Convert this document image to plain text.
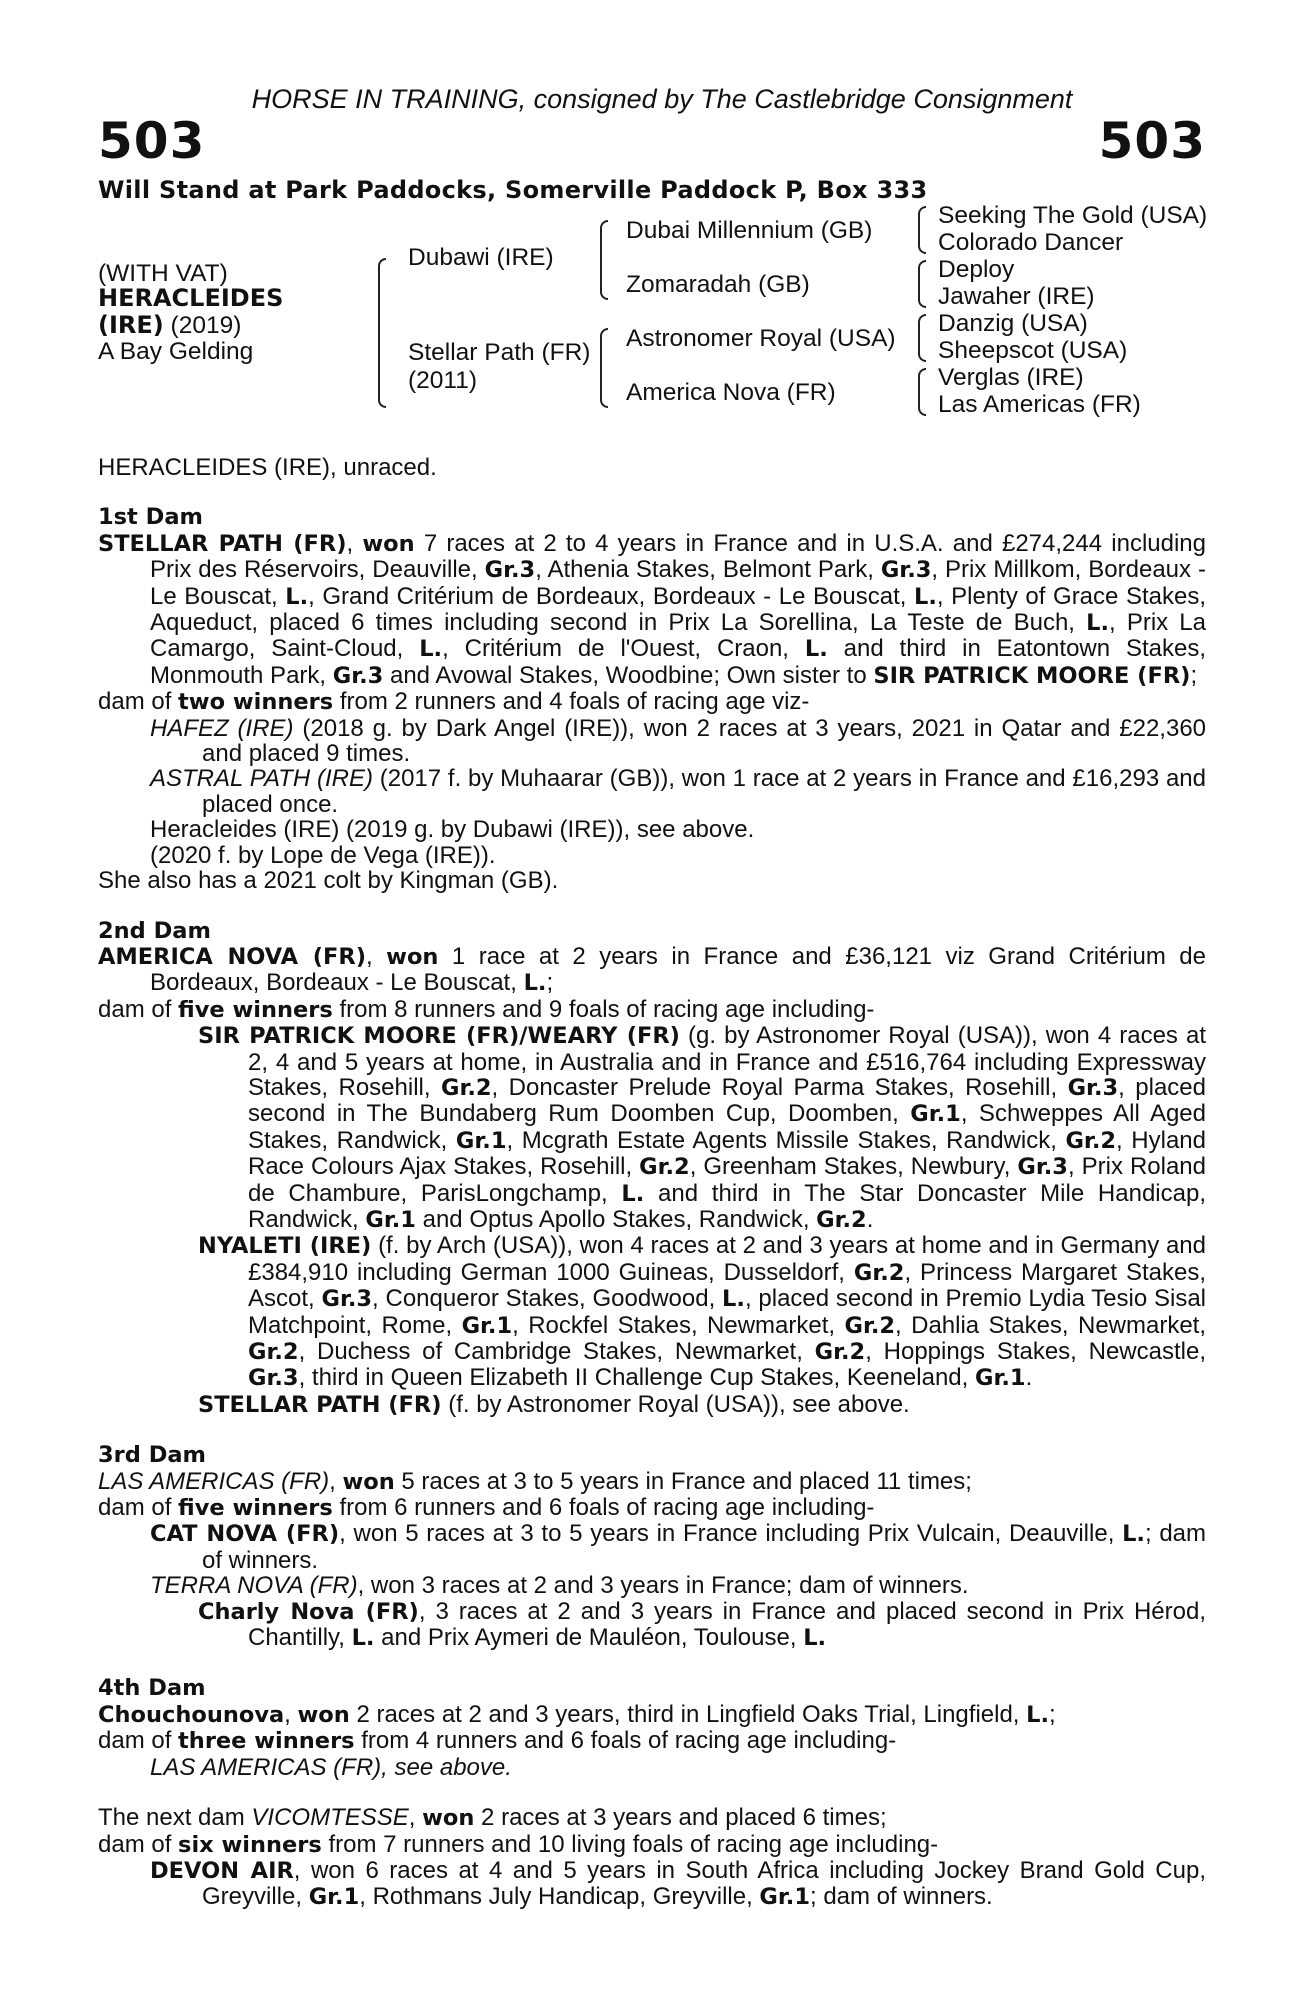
HORSE IN TRAINING, consigned by The Castlebridge Consignment
503	503
Will Stand at Park Paddocks, Somerville Paddock P, Box 333
(WITH VAT)
HERACLEIDES
(IRE) (2019)
A Bay Gelding
Dubawi (IRE)
Stellar Path (FR)
(2011)
Dubai Millennium (GB)
Zomaradah (GB)
Astronomer Royal (USA)
America Nova (FR)
Seeking The Gold (USA)
Colorado Dancer
Deploy
Jawaher (IRE)
Danzig (USA)
Sheepscot (USA)
Verglas (IRE)
Las Americas (FR)

HERACLEIDES (IRE), unraced.

1st Dam

STELLAR PATH (FR), won 7 races at 2 to 4 years in France and in U.S.A. and £274,244 including Prix des Réservoirs, Deauville, Gr.3, Athenia Stakes, Belmont Park, Gr.3, Prix Millkom, Bordeaux - Le Bouscat, L., Grand Critérium de Bordeaux, Bordeaux - Le Bouscat, L., Plenty of Grace Stakes, Aqueduct, placed 6 times including second in Prix La Sorellina, La Teste de Buch, L., Prix La Camargo, Saint-Cloud, L., Critérium de l'Ouest, Craon, L. and third in Eatontown Stakes, Monmouth Park, Gr.3 and Avowal Stakes, Woodbine; Own sister to SIR PATRICK MOORE (FR);

dam of two winners from 2 runners and 4 foals of racing age viz-

HAFEZ (IRE) (2018 g. by Dark Angel (IRE)), won 2 races at 3 years, 2021 in Qatar and £22,360 and placed 9 times.

ASTRAL PATH (IRE) (2017 f. by Muhaarar (GB)), won 1 race at 2 years in France and £16,293 and placed once.

Heracleides (IRE) (2019 g. by Dubawi (IRE)), see above.

(2020 f. by Lope de Vega (IRE)).

She also has a 2021 colt by Kingman (GB).

2nd Dam

AMERICA NOVA (FR), won 1 race at 2 years in France and £36,121 viz Grand Critérium de Bordeaux, Bordeaux - Le Bouscat, L.;

dam of five winners from 8 runners and 9 foals of racing age including-

SIR PATRICK MOORE (FR)/WEARY (FR) (g. by Astronomer Royal (USA)), won 4 races at 2, 4 and 5 years at home, in Australia and in France and £516,764 including Expressway Stakes, Rosehill, Gr.2, Doncaster Prelude Royal Parma Stakes, Rosehill, Gr.3, placed second in The Bundaberg Rum Doomben Cup, Doomben, Gr.1, Schweppes All Aged Stakes, Randwick, Gr.1, Mcgrath Estate Agents Missile Stakes, Randwick, Gr.2, Hyland Race Colours Ajax Stakes, Rosehill, Gr.2, Greenham Stakes, Newbury, Gr.3, Prix Roland de Chambure, ParisLongchamp, L. and third in The Star Doncaster Mile Handicap, Randwick, Gr.1 and Optus Apollo Stakes, Randwick, Gr.2.

NYALETI (IRE) (f. by Arch (USA)), won 4 races at 2 and 3 years at home and in Germany and £384,910 including German 1000 Guineas, Dusseldorf, Gr.2, Princess Margaret Stakes, Ascot, Gr.3, Conqueror Stakes, Goodwood, L., placed second in Premio Lydia Tesio Sisal Matchpoint, Rome, Gr.1, Rockfel Stakes, Newmarket, Gr.2, Dahlia Stakes, Newmarket, Gr.2, Duchess of Cambridge Stakes, Newmarket, Gr.2, Hoppings Stakes, Newcastle, Gr.3, third in Queen Elizabeth II Challenge Cup Stakes, Keeneland, Gr.1.

STELLAR PATH (FR) (f. by Astronomer Royal (USA)), see above.

3rd Dam

LAS AMERICAS (FR), won 5 races at 3 to 5 years in France and placed 11 times;

dam of five winners from 6 runners and 6 foals of racing age including-

CAT NOVA (FR), won 5 races at 3 to 5 years in France including Prix Vulcain, Deauville, L.; dam of winners.

TERRA NOVA (FR), won 3 races at 2 and 3 years in France; dam of winners.

Charly Nova (FR), 3 races at 2 and 3 years in France and placed second in Prix Hérod, Chantilly, L. and Prix Aymeri de Mauléon, Toulouse, L.

4th Dam

Chouchounova, won 2 races at 2 and 3 years, third in Lingfield Oaks Trial, Lingfield, L.;

dam of three winners from 4 runners and 6 foals of racing age including-

LAS AMERICAS (FR), see above.

The next dam VICOMTESSE, won 2 races at 3 years and placed 6 times;

dam of six winners from 7 runners and 10 living foals of racing age including-

DEVON AIR, won 6 races at 4 and 5 years in South Africa including Jockey Brand Gold Cup, Greyville, Gr.1, Rothmans July Handicap, Greyville, Gr.1; dam of winners.
